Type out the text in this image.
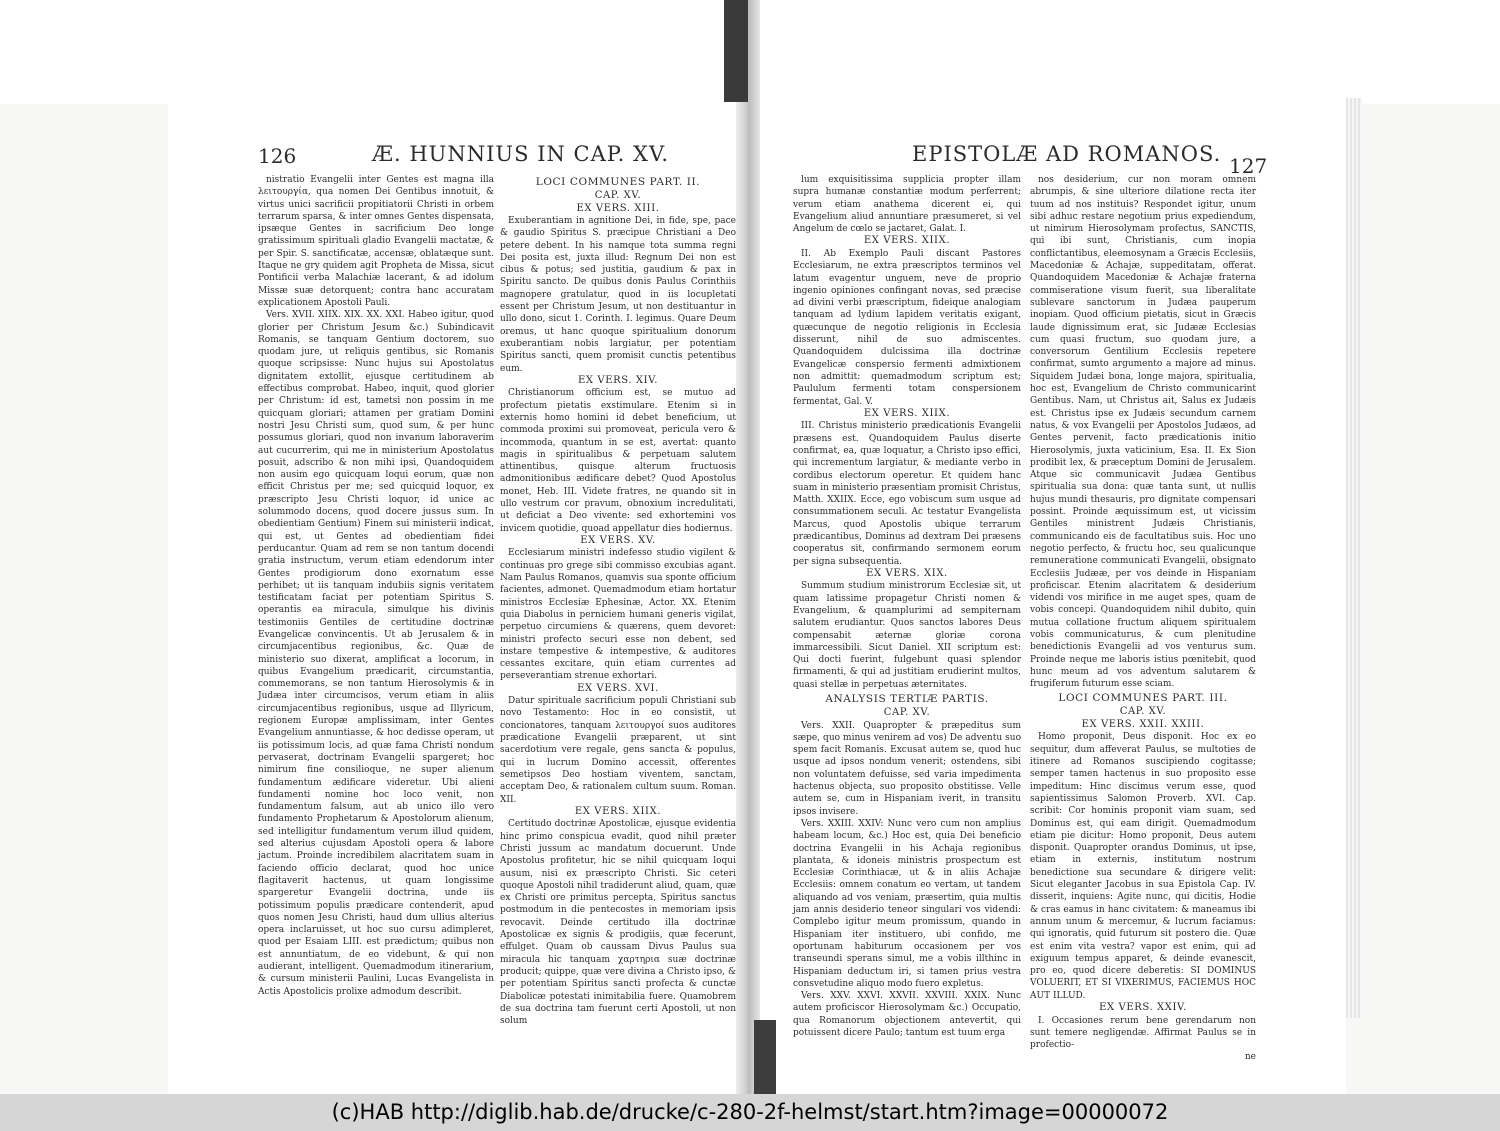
126	Æ. HUNNIUS IN CAP. XV.	EPISTOLÆ AD ROMANOS. 127
nistratio Evangelii inter Gentes est magna illa λειτουργία, qua nomen Dei Gentibus innotuit, & virtus unici sacrificii propitiatorii Christi in orbem terrarum sparsa, & inter omnes Gentes dispensata, ipsæque Gentes in sacrificium Deo longe gratissimum spirituali gladio Evangelii mactatæ, & per Spir. S. sanctificatæ, accensæ, oblatæque sunt. Itaque ne gry quidem agit Propheta de Missa, sicut Pontificii verba Malachiæ lacerant, & ad idolum Missæ suæ detorquent; contra hanc accuratam explicationem Apostoli Pauli.
Vers. XVII. XIIX. XIX. XX. XXI. Habeo igitur, quod glorier per Christum Jesum &c.) Subindicavit Romanis, se tanquam Gentium doctorem, suo quodam jure, ut reliquis gentibus, sic Romanis quoque scripsisse: Nunc hujus sui Apostolatus dignitatem extollit, ejusque certitudinem ab effectibus comprobat. Habeo, inquit, quod glorier per Christum: id est, tametsi non possim in me quicquam gloriari; attamen per gratiam Domini nostri Jesu Christi sum, quod sum, & per hunc possumus gloriari, quod non invanum laboraverim aut cucurrerim, qui me in ministerium Apostolatus posuit, adscribo & non mihi ipsi, Quandoquidem non ausim ego quicquam loqui eorum, quæ non efficit Christus per me; sed quicquid loquor, ex præscripto Jesu Christi loquor, id unice ac solummodo docens, quod docere jussus sum. In obedientiam Gentium) Finem sui ministerii indicat, qui est, ut Gentes ad obedientiam fidei perducantur. Quam ad rem se non tantum docendi gratia instructum, verum etiam edendorum inter Gentes prodigiorum dono exornatum esse perhibet; ut iis tanquam indubiis signis veritatem testificatam faciat per potentiam Spiritus S. operantis ea miracula, simulque his divinis testimoniis Gentiles de certitudine doctrinæ Evangelicæ convincentis. Ut ab Jerusalem & in circumjacentibus regionibus, &c. Quæ de ministerio suo dixerat, amplificat a locorum, in quibus Evangelium prædicarit, circumstantia, commemorans, se non tantum Hierosolymis & in Judæa inter circumcisos, verum etiam in aliis circumjacentibus regionibus, usque ad Illyricum, regionem Europæ amplissimam, inter Gentes Evangelium annuntiasse, & hoc dedisse operam, ut iis potissimum locis, ad quæ fama Christi nondum pervaserat, doctrinam Evangelii spargeret; hoc nimirum fine consilioque, ne super alienum fundamentum ædificare videretur. Ubi alieni fundamenti nomine hoc loco venit, non fundamentum falsum, aut ab unico illo vero fundamento Prophetarum & Apostolorum alienum, sed intelligitur fundamentum verum illud quidem, sed alterius cujusdam Apostoli opera & labore jactum. Proinde incredibilem alacritatem suam in faciendo officio declarat, quod hoc unice flagitaverit hactenus, ut quam longissime spargeretur Evangelii doctrina, unde iis potissimum populis prædicare contenderit, apud quos nomen Jesu Christi, haud dum ullius alterius opera inclaruisset, ut hoc suo cursu adimpleret, quod per Esaiam LIII. est prædictum; quibus non est annuntiatum, de eo videbunt, & qui non audierant, intelligent. Quemadmodum itinerarium, & cursum ministerii Paulini, Lucas Evangelista in Actis Apostolicis prolixe admodum describit.
LOCI COMMUNES PART. II.
CAP. XV.
EX VERS. XIII.
Exuberantiam in agnitione Dei, in fide, spe, pace & gaudio Spiritus S. præcipue Christiani a Deo petere debent. In his namque tota summa regni Dei posita est, juxta illud: Regnum Dei non est cibus & potus; sed justitia, gaudium & pax in Spiritu sancto. De quibus donis Paulus Corinthiis magnopere gratulatur, quod in iis locupletati essent per Christum Jesum, ut non destituantur in ullo dono, sicut 1. Corinth. I. legimus. Quare Deum oremus, ut hanc quoque spiritualium donorum exuberantiam nobis largiatur, per potentiam Spiritus sancti, quem promisit cunctis petentibus eum.
EX VERS. XIV.
Christianorum officium est, se mutuo ad profectum pietatis exstimulare. Etenim si in externis homo homini id debet beneficium, ut commoda proximi sui promoveat, pericula vero & incommoda, quantum in se est, avertat: quanto magis in spiritualibus & perpetuam salutem attinentibus, quisque alterum fructuosis admonitionibus ædificare debet? Quod Apostolus monet, Heb. III. Videte fratres, ne quando sit in ullo vestrum cor pravum, obnoxium incredulitati, ut deficiat a Deo vivente: sed exhortemini vos invicem quotidie, quoad appellatur dies hodiernus.
EX VERS. XV.
Ecclesiarum ministri indefesso studio vigilent & continuas pro grege sibi commisso excubias agant. Nam Paulus Romanos, quamvis sua sponte officium facientes, admonet. Quemadmodum etiam hortatur ministros Ecclesiæ Ephesinæ, Actor. XX. Etenim quia Diabolus in perniciem humani generis vigilat, perpetuo circumiens & quærens, quem devoret: ministri profecto securi esse non debent, sed instare tempestive & intempestive, & auditores cessantes excitare, quin etiam currentes ad perseverantiam strenue exhortari.
EX VERS. XVI.
Datur spirituale sacrificium populi Christiani sub novo Testamento: Hoc in eo consistit, ut concionatores, tanquam λειτουργοί suos auditores prædicatione Evangelii præparent, ut sint sacerdotium vere regale, gens sancta & populus, qui in lucrum Domino accessit, offerentes semetipsos Deo hostiam viventem, sanctam, acceptam Deo, & rationalem cultum suum. Roman. XII.
EX VERS. XIIX.
Certitudo doctrinæ Apostolicæ, ejusque evidentia hinc primo conspicua evadit, quod nihil præter Christi jussum ac mandatum docuerunt. Unde Apostolus profitetur, hic se nihil quicquam loqui ausum, nisi ex præscripto Christi. Sic ceteri quoque Apostoli nihil tradiderunt aliud, quam, quæ ex Christi ore primitus percepta, Spiritus sanctus postmodum in die pentecostes in memoriam ipsis revocavit. Deinde certitudo illa doctrinæ Apostolicæ ex signis & prodigiis, quæ fecerunt, effulget. Quam ob caussam Divus Paulus sua miracula hic tanquam χαρτηρια suæ doctrinæ producit; quippe, quæ vere divina a Christo ipso, & per potentiam Spiritus sancti profecta & cunctæ Diabolicæ potestati inimitabilia fuere. Quamobrem de sua doctrina tam fuerunt certi Apostoli, ut non solum
lum exquisitissima supplicia propter illam supra humanæ constantiæ modum perferrent; verum etiam anathema dicerent ei, qui Evangelium aliud annuntiare præsumeret, si vel Angelum de cœlo se jactaret, Galat. I.
EX VERS. XIIX.
II. Ab Exemplo Pauli discant Pastores Ecclesiarum, ne extra præscriptos terminos vel latum evagentur unguem, neve de proprio ingenio opiniones confingant novas, sed præcise ad divini verbi præscriptum, fideique analogiam tanquam ad lydium lapidem veritatis exigant, quæcunque de negotio religionis in Ecclesia disserunt, nihil de suo admiscentes. Quandoquidem dulcissima illa doctrinæ Evangelicæ conspersio fermenti admixtionem non admittit: quemadmodum scriptum est; Paululum fermenti totam conspersionem fermentat, Gal. V.
EX VERS. XIIX.
III. Christus ministerio prædicationis Evangelii præsens est. Quandoquidem Paulus diserte confirmat, ea, quæ loquatur, a Christo ipso effici, qui incrementum largiatur, & mediante verbo in cordibus electorum operetur. Et quidem hanc suam in ministerio præsentiam promisit Christus, Matth. XXIIX. Ecce, ego vobiscum sum usque ad consummationem seculi. Ac testatur Evangelista Marcus, quod Apostolis ubique terrarum prædicantibus, Dominus ad dextram Dei præsens cooperatus sit, confirmando sermonem eorum per signa subsequentia.
EX VERS. XIX.
Summum studium ministrorum Ecclesiæ sit, ut quam latissime propagetur Christi nomen & Evangelium, & quamplurimi ad sempiternam salutem erudiantur. Quos sanctos labores Deus compensabit æternæ gloriæ corona immarcessibili. Sicut Daniel. XII scriptum est: Qui docti fuerint, fulgebunt quasi splendor firmamenti, & qui ad justitiam erudierint multos, quasi stellæ in perpetuas æternitates.
ANALYSIS TERTIÆ PARTIS.
CAP. XV.
Vers. XXII. Quapropter & præpeditus sum sæpe, quo minus venirem ad vos) De adventu suo spem facit Romanis. Excusat autem se, quod huc usque ad ipsos nondum venerit; ostendens, sibi non voluntatem defuisse, sed varia impedimenta hactenus objecta, suo proposito obstitisse. Velle autem se, cum in Hispaniam iverit, in transitu ipsos invisere.
Vers. XXIII. XXIV: Nunc vero cum non amplius habeam locum, &c.) Hoc est, quia Dei beneficio doctrina Evangelii in his Achaja regionibus plantata, & idoneis ministris prospectum est Ecclesiæ Corinthiacæ, ut & in aliis Achajæ Ecclesiis: omnem conatum eo vertam, ut tandem aliquando ad vos veniam, præsertim, quia multis jam annis desiderio teneor singulari vos videndi: Complebo igitur meum promissum, quando in Hispaniam iter instituero, ubi confido, me oportunam habiturum occasionem per vos transeundi sperans simul, me a vobis illthinc in Hispaniam deductum iri, si tamen prius vestra consvetudine aliquo modo fuero expletus.
Vers. XXV. XXVI. XXVII. XXVIII. XXIX. Nunc autem proficiscor Hierosolymam &c.) Occupatio, qua Romanorum objectionem antevertit, qui potuissent dicere Paulo; tantum est tuum erga
nos desiderium, cur non moram omnem abrumpis, & sine ulteriore dilatione recta iter tuum ad nos instituis? Respondet igitur, unum sibi adhuc restare negotium prius expediendum, ut nimirum Hierosolymam profectus, SANCTIS, qui ibi sunt, Christianis, cum inopia conflictantibus, eleemosynam a Græcis Ecclesiis, Macedoniæ & Achajæ, suppeditatam, offerat. Quandoquidem Macedoniæ & Achajæ fraterna commiseratione visum fuerit, sua liberalitate sublevare sanctorum in Judæa pauperum inopiam. Quod officium pietatis, sicut in Græcis laude dignissimum erat, sic Judææ Ecclesias cum quasi fructum, suo quodam jure, a conversorum Gentilium Ecclesiis repetere confirmat, sumto argumento a majore ad minus. Siquidem Judæi bona, longe majora, spiritualia, hoc est, Evangelium de Christo communicarint Gentibus. Nam, ut Christus ait, Salus ex Judæis est. Christus ipse ex Judæis secundum carnem natus, & vox Evangelii per Apostolos Judæos, ad Gentes pervenit, facto prædicationis initio Hierosolymis, juxta vaticinium, Esa. II. Ex Sion prodibit lex, & præceptum Domini de Jerusalem. Atque sic communicavit Judæa Gentibus spiritualia sua dona: quæ tanta sunt, ut nullis hujus mundi thesauris, pro dignitate compensari possint. Proinde æquissimum est, ut vicissim Gentiles ministrent Judæis Christianis, communicando eis de facultatibus suis. Hoc uno negotio perfecto, & fructu hoc, seu qualicunque remuneratione communicati Evangelii, obsignato Ecclesiis Judææ, per vos deinde in Hispaniam proficiscar. Etenim alacritatem & desiderium videndi vos mirifice in me auget spes, quam de vobis concepi. Quandoquidem nihil dubito, quin mutua collatione fructum aliquem spiritualem vobis communicaturus, & cum plenitudine benedictionis Evangelii ad vos venturus sum. Proinde neque me laboris istius pœnitebit, quod hunc meum ad vos adventum salutarem & frugiferum futurum esse sciam.
LOCI COMMUNES PART. III.
CAP. XV.
EX VERS. XXII. XXIII.
Homo proponit, Deus disponit. Hoc ex eo sequitur, dum affeverat Paulus, se multoties de itinere ad Romanos suscipiendo cogitasse; semper tamen hactenus in suo proposito esse impeditum: Hinc discimus verum esse, quod sapientissimus Salomon Proverb. XVI. Cap. scribit: Cor hominis proponit viam suam, sed Dominus est, qui eam dirigit. Quemadmodum etiam pie dicitur: Homo proponit, Deus autem disponit. Quapropter orandus Dominus, ut ipse, etiam in externis, institutum nostrum benedictione sua secundare & dirigere velit: Sicut eleganter Jacobus in sua Epistola Cap. IV. disserit, inquiens: Agite nunc, qui dicitis, Hodie & cras eamus in hanc civitatem: & maneamus ibi annum unum & mercemur, & lucrum faciamus: qui ignoratis, quid futurum sit postero die. Quæ est enim vita vestra? vapor est enim, qui ad exiguum tempus apparet, & deinde evanescit, pro eo, quod dicere deberetis: SI DOMINUS VOLUERIT, ET SI VIXERIMUS, FACIEMUS HOC AUT ILLUD.
EX VERS. XXIV.
I. Occasiones rerum bene gerendarum non sunt temere negligendæ. Affirmat Paulus se in profectio-
ne
(c)HAB http://diglib.hab.de/drucke/c-280-2f-helmst/start.htm?image=00000072
